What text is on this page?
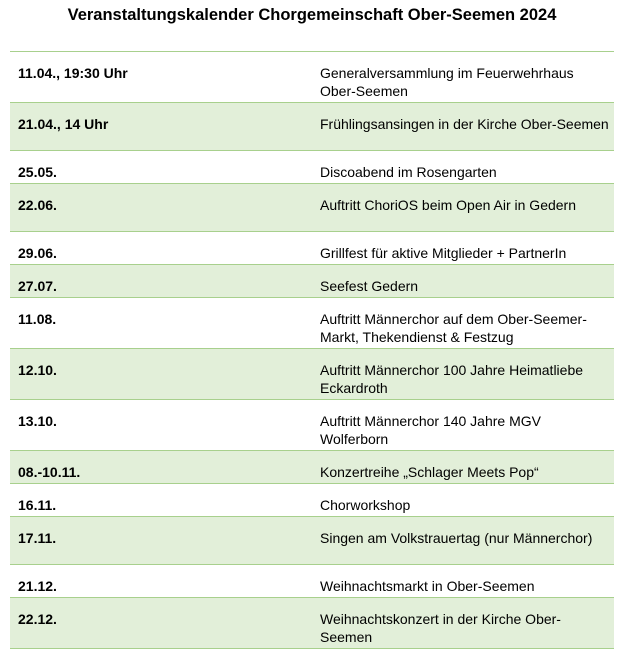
Veranstaltungskalender Chorgemeinschaft Ober-Seemen 2024
11.04., 19:30 Uhr	Generalversammlung im Feuerwehrhaus Ober-Seemen

21.04., 14 Uhr	Frühlingsansingen in der Kirche Ober-Seemen

25.05.	Discoabend im Rosengarten

22.06.	Auftritt ChoriOS beim Open Air in Gedern

29.06.	Grillfest für aktive Mitglieder + PartnerIn

27.07.	Seefest Gedern

11.08.	Auftritt Männerchor auf dem Ober-Seemer-Markt, Thekendienst & Festzug

12.10.	Auftritt Männerchor 100 Jahre Heimatliebe Eckardroth

13.10.	Auftritt Männerchor 140 Jahre MGV Wolferborn

08.-10.11.	Konzertreihe „Schlager Meets Pop“

16.11.	Chorworkshop

17.11.	Singen am Volkstrauertag (nur Männerchor)

21.12.	Weihnachtsmarkt in Ober-Seemen

22.12.	Weihnachtskonzert in der Kirche Ober-Seemen
